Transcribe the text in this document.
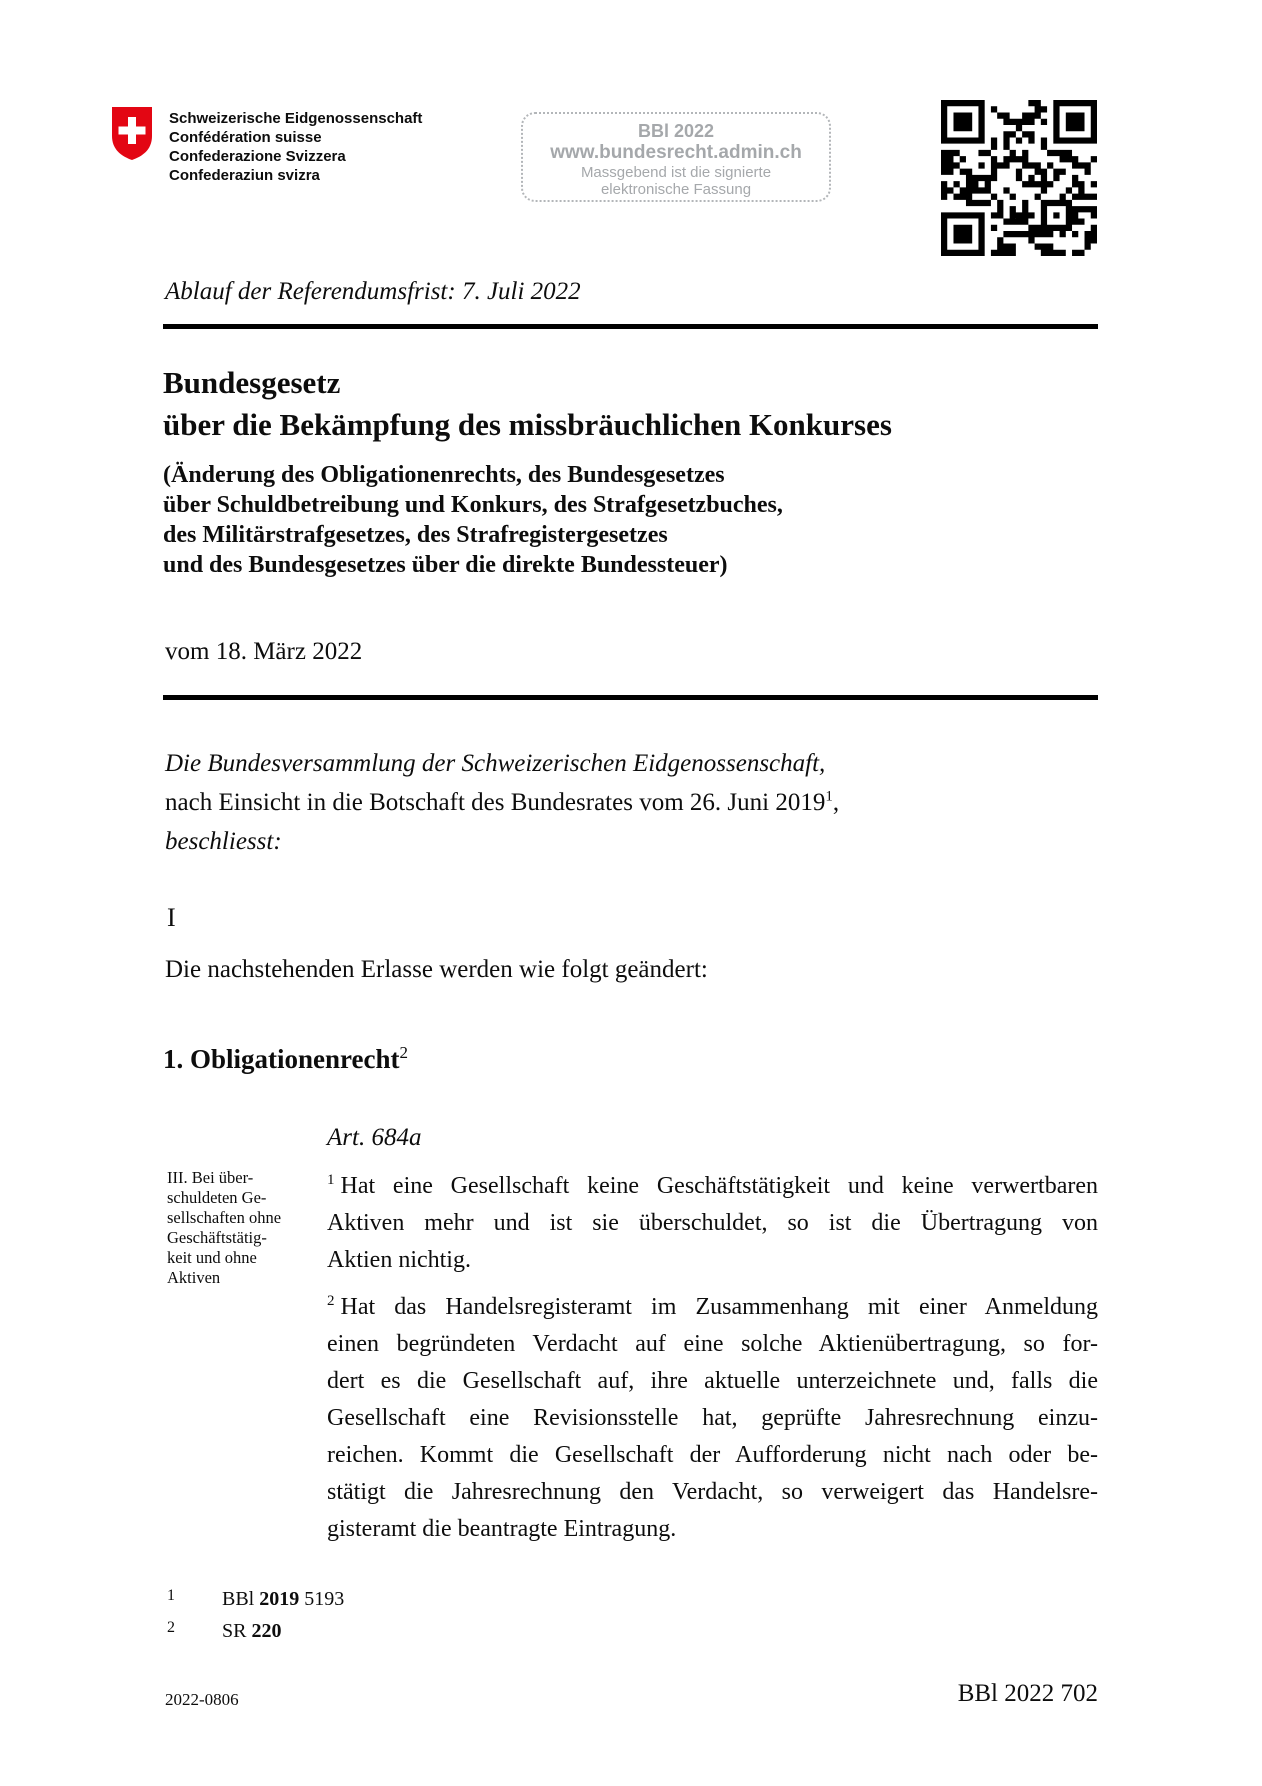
Schweizerische Eidgenossenschaft
Confédération suisse
Confederazione Svizzera
Confederaziun svizra
BBl 2022
www.bundesrecht.admin.ch
Massgebend ist die signierte
elektronische Fassung
Ablauf der Referendumsfrist: 7. Juli 2022
Bundesgesetz
über die Bekämpfung des missbräuchlichen Konkurses
(Änderung des Obligationenrechts, des Bundesgesetzes
über Schuldbetreibung und Konkurs, des Strafgesetzbuches,
des Militärstrafgesetzes, des Strafregistergesetzes
und des Bundesgesetzes über die direkte Bundessteuer)
vom 18. März 2022
Die Bundesversammlung der Schweizerischen Eidgenossenschaft,
nach Einsicht in die Botschaft des Bundesrates vom 26. Juni 2019$^1$,
beschliesst:
I
Die nachstehenden Erlasse werden wie folgt geändert:
1. Obligationenrecht$^2$
III. Bei über-
schuldeten Ge-
sellschaften ohne
Geschäftstätig-
keit und ohne
Aktiven
Art. 684a
$^1$ Hat eine Gesellschaft keine Geschäftstätigkeit und keine verwertbaren
Aktiven mehr und ist sie überschuldet, so ist die Übertragung von
Aktien nichtig.
$^2$ Hat das Handelsregisteramt im Zusammenhang mit einer Anmeldung
einen begründeten Verdacht auf eine solche Aktienübertragung, so for-
dert es die Gesellschaft auf, ihre aktuelle unterzeichnete und, falls die
Gesellschaft eine Revisionsstelle hat, geprüfte Jahresrechnung einzu-
reichen. Kommt die Gesellschaft der Aufforderung nicht nach oder be-
stätigt die Jahresrechnung den Verdacht, so verweigert das Handelsre-
gisteramt die beantragte Eintragung.
1	BBl 2019 5193
2	SR 220
2022-0806	BBl 2022 702
